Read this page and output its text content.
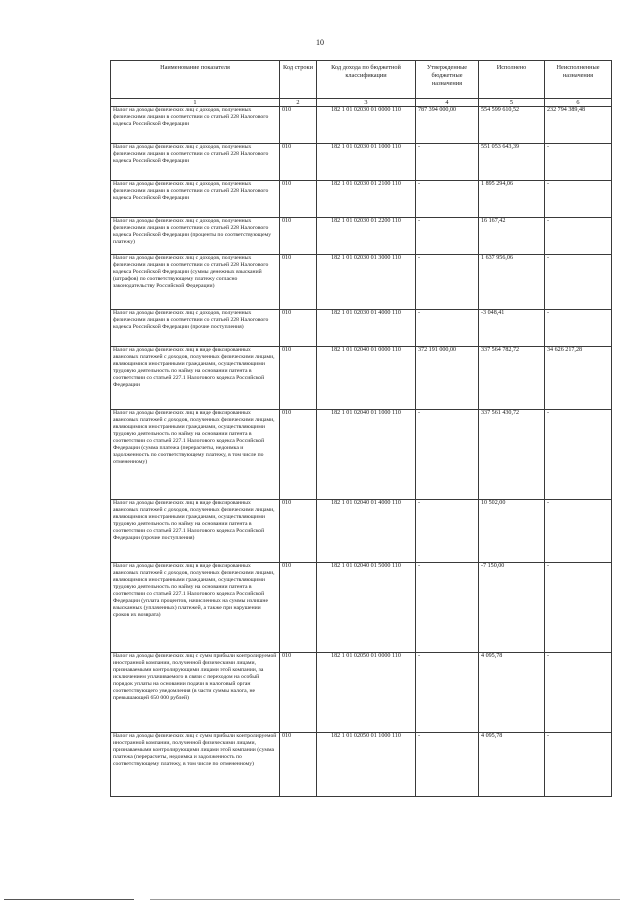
10
Наименование показателя	Код строки	Код дохода по бюджетной классификации	Утвержденные бюджетные назначения	Исполнено	Неисполненные назначения
1	2	3	4	5	6
Налог на доходы физических лиц с доходов, полученных физическими лицами в соответствии со статьей 228 Налогового кодекса Российской Федерации	010	182 1 01 02030 01 0000 110	787 394 000,00	554 599 610,52	232 794 389,48
Налог на доходы физических лиц с доходов, полученных физическими лицами в соответствии со статьей 228 Налогового кодекса Российской Федерации	010	182 1 01 02030 01 1000 110	-	551 053 643,39	-
Налог на доходы физических лиц с доходов, полученных физическими лицами в соответствии со статьей 228 Налогового кодекса Российской Федерации	010	182 1 01 02030 01 2100 110	-	1 895 294,06	-
Налог на доходы физических лиц с доходов, полученных физическими лицами в соответствии со статьей 228 Налогового кодекса Российской Федерации (проценты по соответствующему платежу)	010	182 1 01 02030 01 2200 110	-	16 167,42	-
Налог на доходы физических лиц с доходов, полученных физическими лицами в соответствии со статьей 228 Налогового кодекса Российской Федерации (суммы денежных взысканий (штрафов) по соответствующему платежу согласно законодательству Российской Федерации)	010	182 1 01 02030 01 3000 110	-	1 637 956,06	-
Налог на доходы физических лиц с доходов, полученных физическими лицами в соответствии со статьей 228 Налогового кодекса Российской Федерации (прочие поступления)	010	182 1 01 02030 01 4000 110	-	-3 048,41	-
Налог на доходы физических лиц в виде фиксированных авансовых платежей с доходов, полученных физическими лицами, являющимися иностранными гражданами, осуществляющими трудовую деятельность по найму на основании патента в соответствии со статьей 227.1 Налогового кодекса Российской Федерации	010	182 1 01 02040 01 0000 110	372 191 000,00	337 564 782,72	34 626 217,28
Налог на доходы физических лиц в виде фиксированных авансовых платежей с доходов, полученных физическими лицами, являющимися иностранными гражданами, осуществляющими трудовую деятельность по найму на основании патента в соответствии со статьей 227.1 Налогового кодекса Российской Федерации (сумма платежа (перерасчеты, недоимка и задолженность по соответствующему платежу, в том числе по отмененному)	010	182 1 01 02040 01 1000 110	-	337 561 430,72	-
Налог на доходы физических лиц в виде фиксированных авансовых платежей с доходов, полученных физическими лицами, являющимися иностранными гражданами, осуществляющими трудовую деятельность по найму на основании патента в соответствии со статьей 227.1 Налогового кодекса Российской Федерации (прочие поступления)	010	182 1 01 02040 01 4000 110	-	10 502,00	-
Налог на доходы физических лиц в виде фиксированных авансовых платежей с доходов, полученных физическими лицами, являющимися иностранными гражданами, осуществляющими трудовую деятельность по найму на основании патента в соответствии со статьей 227.1 Налогового кодекса Российской Федерации (уплата процентов, начисленных на суммы излишне взысканных (уплаченных) платежей, а также при нарушении сроков их возврата)	010	182 1 01 02040 01 5000 110	-	-7 150,00	-
Налог на доходы физических лиц с сумм прибыли контролируемой иностранной компании, полученной физическими лицами, признаваемыми контролирующими лицами этой компании, за исключением уплачиваемого в связи с переходом на особый порядок уплаты на основании подачи в налоговый орган соответствующего уведомления (в части суммы налога, не превышающей 650 000 рублей)	010	182 1 01 02050 01 0000 110	-	4 095,78	-
Налог на доходы физических лиц с сумм прибыли контролируемой иностранной компании, полученной физическими лицами, признаваемыми контролирующими лицами этой компании (сумма платежа (перерасчеты, недоимка и задолженность по соответствующему платежу, в том числе по отмененному)	010	182 1 01 02050 01 1000 110	-	4 095,78	-
